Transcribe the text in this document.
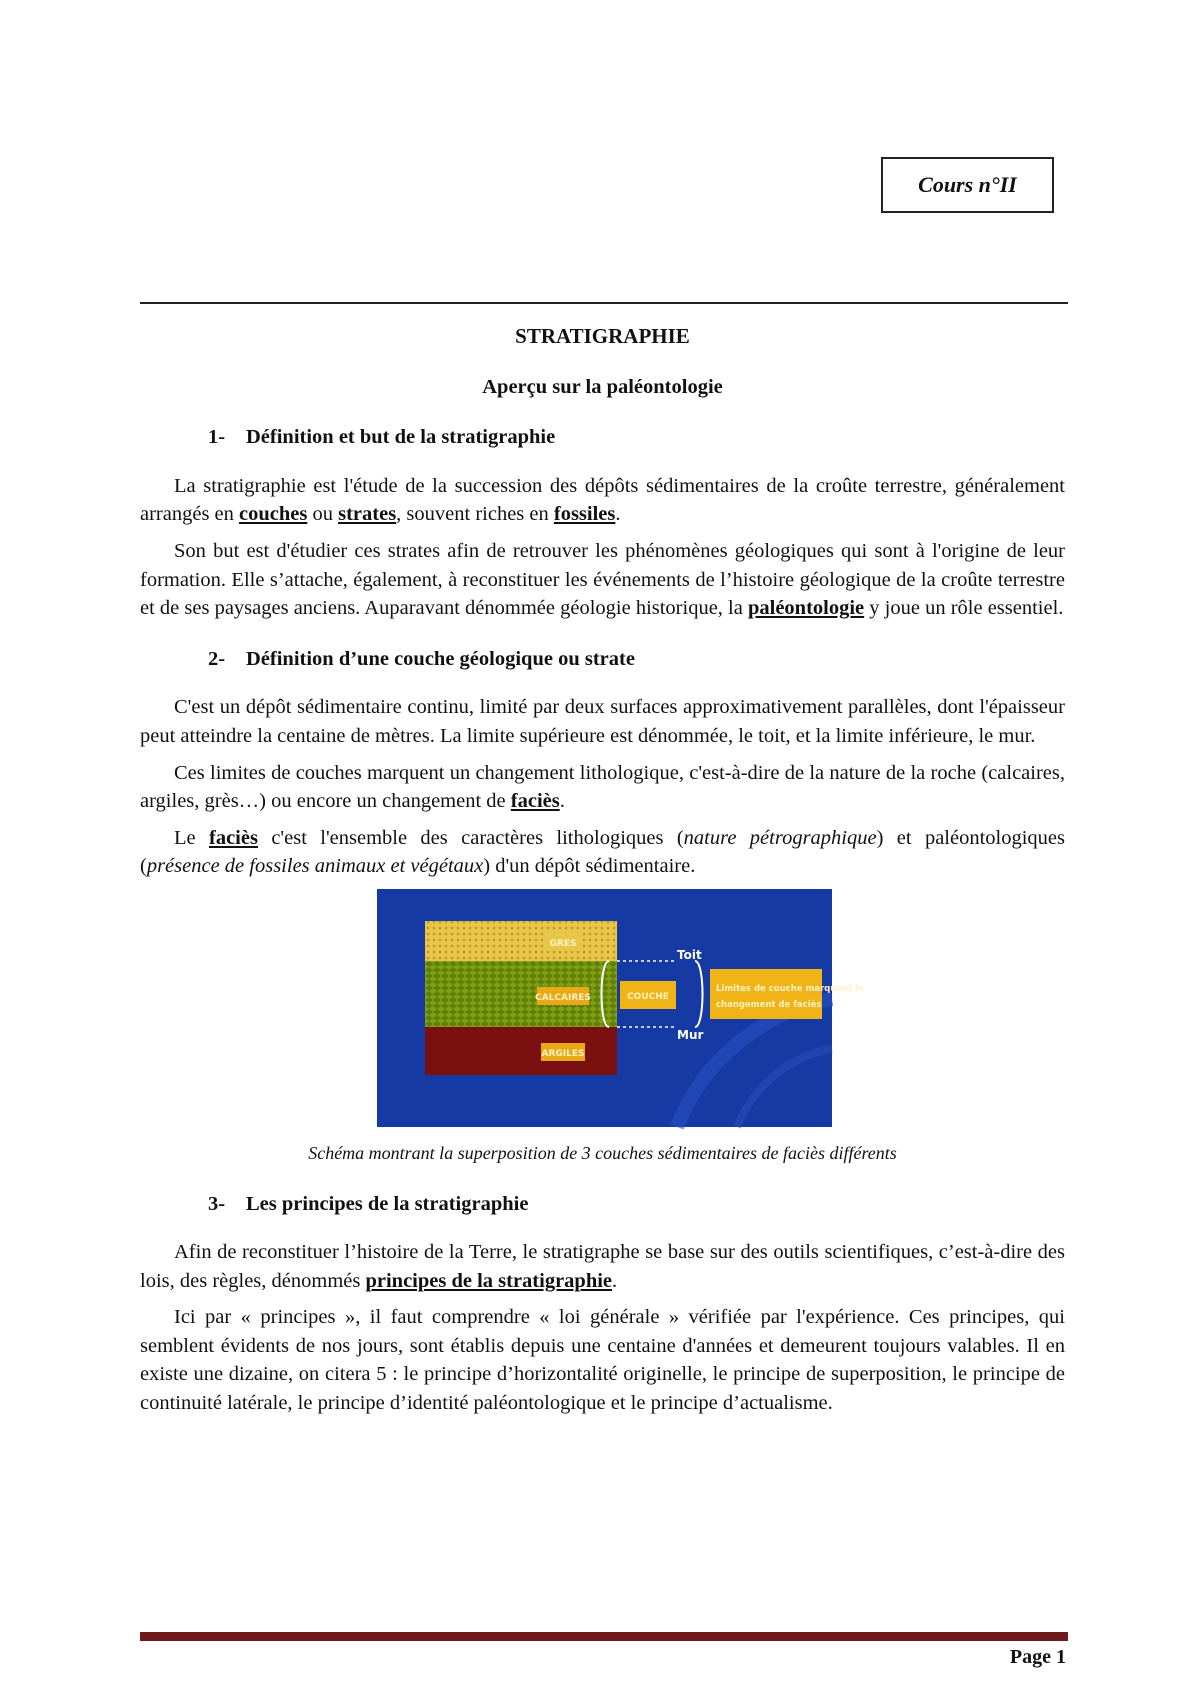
Cours n°II
STRATIGRAPHIE
Aperçu sur la paléontologie
1- Définition et but de la stratigraphie

La stratigraphie est l'étude de la succession des dépôts sédimentaires de la croûte terrestre, généralement arrangés en couches ou strates, souvent riches en fossiles.

Son but est d'étudier ces strates afin de retrouver les phénomènes géologiques qui sont à l'origine de leur formation. Elle s’attache, également, à reconstituer les événements de l’histoire géologique de la croûte terrestre et de ses paysages anciens. Auparavant dénommée géologie historique, la paléontologie y joue un rôle essentiel.

2- Définition d’une couche géologique ou strate

C'est un dépôt sédimentaire continu, limité par deux surfaces approximativement parallèles, dont l'épaisseur peut atteindre la centaine de mètres. La limite supérieure est dénommée, le toit, et la limite inférieure, le mur.

Ces limites de couches marquent un changement lithologique, c'est-à-dire de la nature de la roche (calcaires, argiles, grès…) ou encore un changement de faciès.

Le faciès c'est l'ensemble des caractères lithologiques (nature pétrographique) et paléontologiques (présence de fossiles animaux et végétaux) d'un dépôt sédimentaire.

GRES
CALCAIRES
ARGILES
COUCHE
Toit
Mur
Limites de couche marquant le
changement de faciès

Schéma montrant la superposition de 3 couches sédimentaires de faciès différents

3- Les principes de la stratigraphie

Afin de reconstituer l’histoire de la Terre, le stratigraphe se base sur des outils scientifiques, c’est-à-dire des lois, des règles, dénommés principes de la stratigraphie.

Ici par « principes », il faut comprendre « loi générale » vérifiée par l'expérience. Ces principes, qui semblent évidents de nos jours, sont établis depuis une centaine d'années et demeurent toujours valables. Il en existe une dizaine, on citera 5 : le principe d’horizontalité originelle, le principe de superposition, le principe de continuité latérale, le principe d’identité paléontologique et le principe d’actualisme.

Page 1
